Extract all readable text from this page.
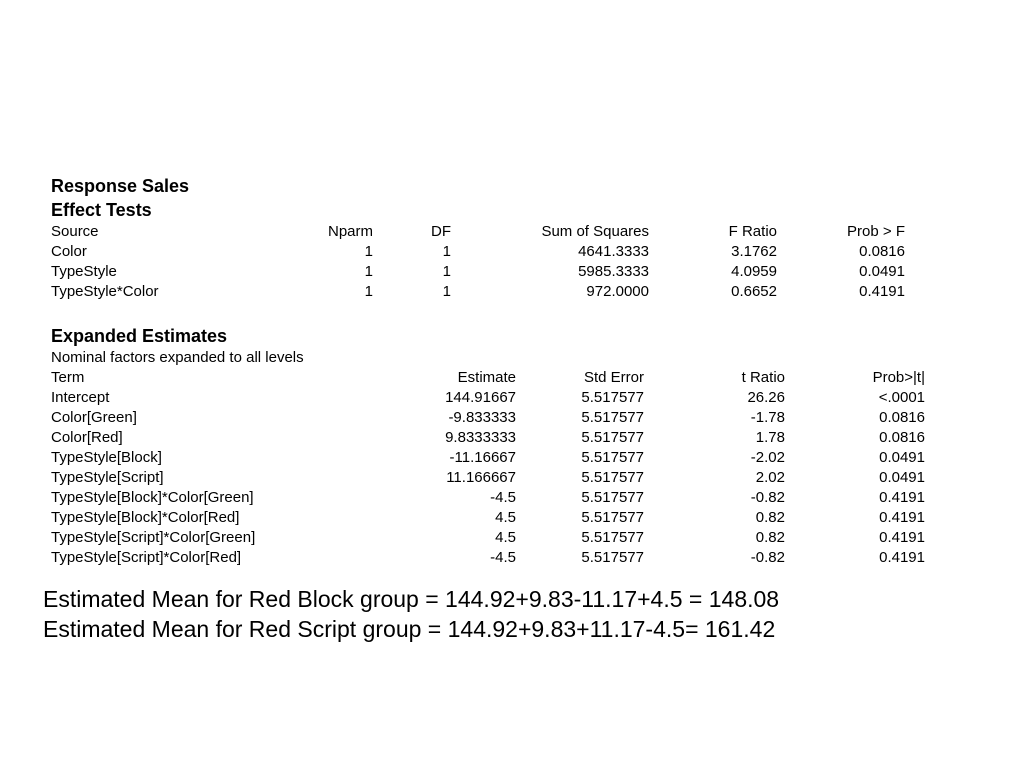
Response Sales
Effect Tests
Source	Nparm	DF	Sum of Squares	F Ratio	Prob > F
Color	1	1	4641.3333	3.1762	0.0816
TypeStyle	1	1	5985.3333	4.0959	0.0491
TypeStyle*Color	1	1	972.0000	0.6652	0.4191
Expanded Estimates
Nominal factors expanded to all levels
Term	Estimate	Std Error	t Ratio	Prob>|t|
Intercept	144.91667	5.517577	26.26	<.0001
Color[Green]	-9.833333	5.517577	-1.78	0.0816
Color[Red]	9.8333333	5.517577	1.78	0.0816
TypeStyle[Block]	-11.16667	5.517577	-2.02	0.0491
TypeStyle[Script]	11.166667	5.517577	2.02	0.0491
TypeStyle[Block]*Color[Green]	-4.5	5.517577	-0.82	0.4191
TypeStyle[Block]*Color[Red]	4.5	5.517577	0.82	0.4191
TypeStyle[Script]*Color[Green]	4.5	5.517577	0.82	0.4191
TypeStyle[Script]*Color[Red]	-4.5	5.517577	-0.82	0.4191
Estimated Mean for Red Block group = 144.92+9.83-11.17+4.5 = 148.08
Estimated Mean for Red Script group = 144.92+9.83+11.17-4.5= 161.42
